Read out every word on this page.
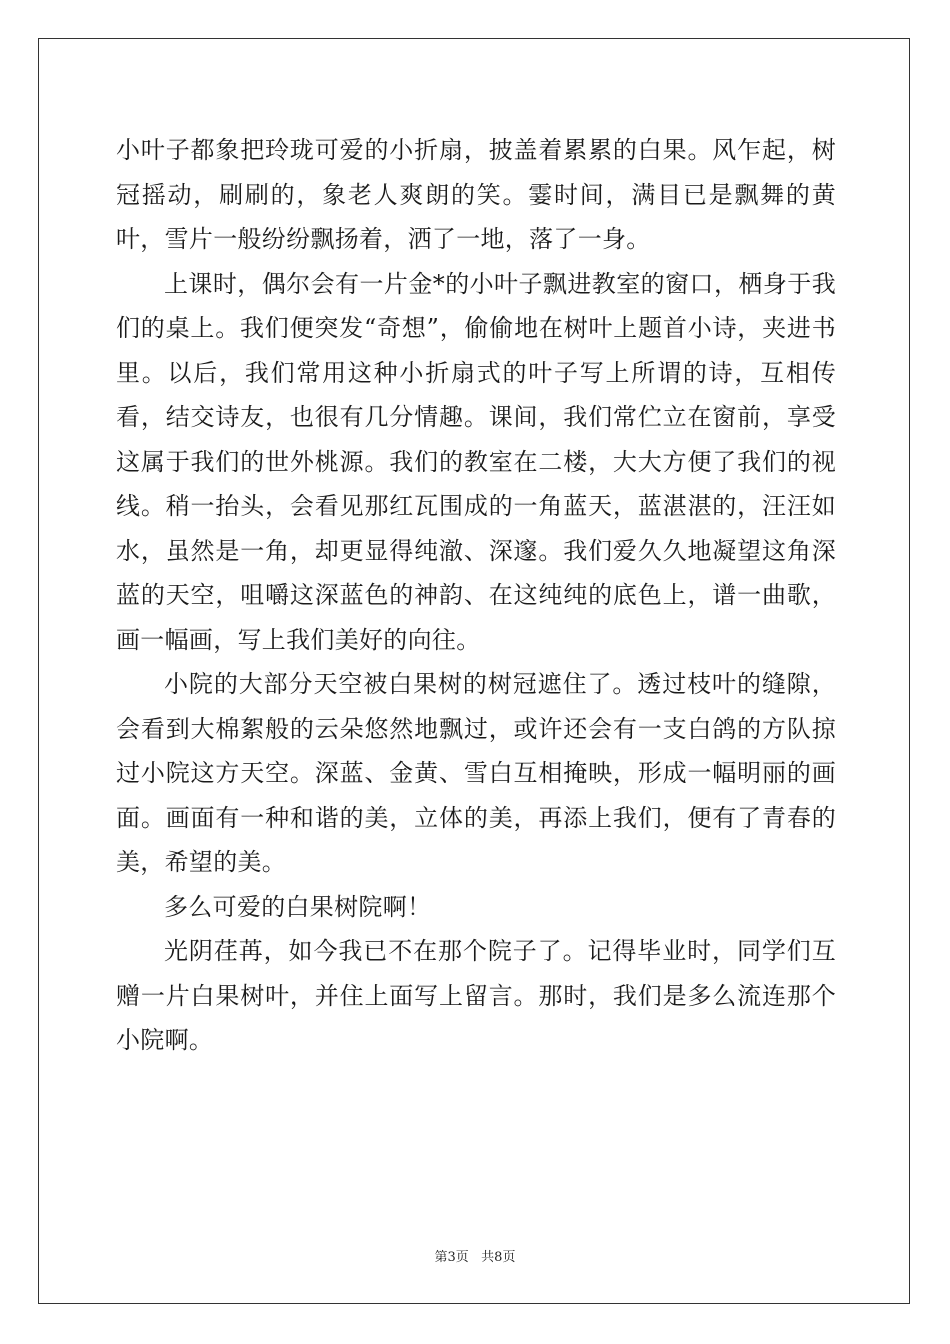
小叶子都象把玲珑可爱的小折扇，披盖着累累的白果。风乍起，树冠摇动，刷刷的，象老人爽朗的笑。霎时间，满目已是飘舞的黄叶，雪片一般纷纷飘扬着，洒了一地，落了一身。

上课时，偶尔会有一片金*的小叶子飘进教室的窗口，栖身于我们的桌上。我们便突发“奇想”，偷偷地在树叶上题首小诗，夹进书里。以后，我们常用这种小折扇式的叶子写上所谓的诗，互相传看，结交诗友，也很有几分情趣。课间，我们常伫立在窗前，享受这属于我们的世外桃源。我们的教室在二楼，大大方便了我们的视线。稍一抬头，会看见那红瓦围成的一角蓝天，蓝湛湛的，汪汪如水，虽然是一角，却更显得纯澈、深邃。我们爱久久地凝望这角深蓝的天空，咀嚼这深蓝色的神韵、在这纯纯的底色上，谱一曲歌，画一幅画，写上我们美好的向往。

小院的大部分天空被白果树的树冠遮住了。透过枝叶的缝隙，会看到大棉絮般的云朵悠然地飘过，或许还会有一支白鸽的方队掠过小院这方天空。深蓝、金黄、雪白互相掩映，形成一幅明丽的画面。画面有一种和谐的美，立体的美，再添上我们，便有了青春的美，希望的美。

多么可爱的白果树院啊！

光阴荏苒，如今我已不在那个院子了。记得毕业时，同学们互赠一片白果树叶，并住上面写上留言。那时，我们是多么流连那个小院啊。

第3页   共8页
